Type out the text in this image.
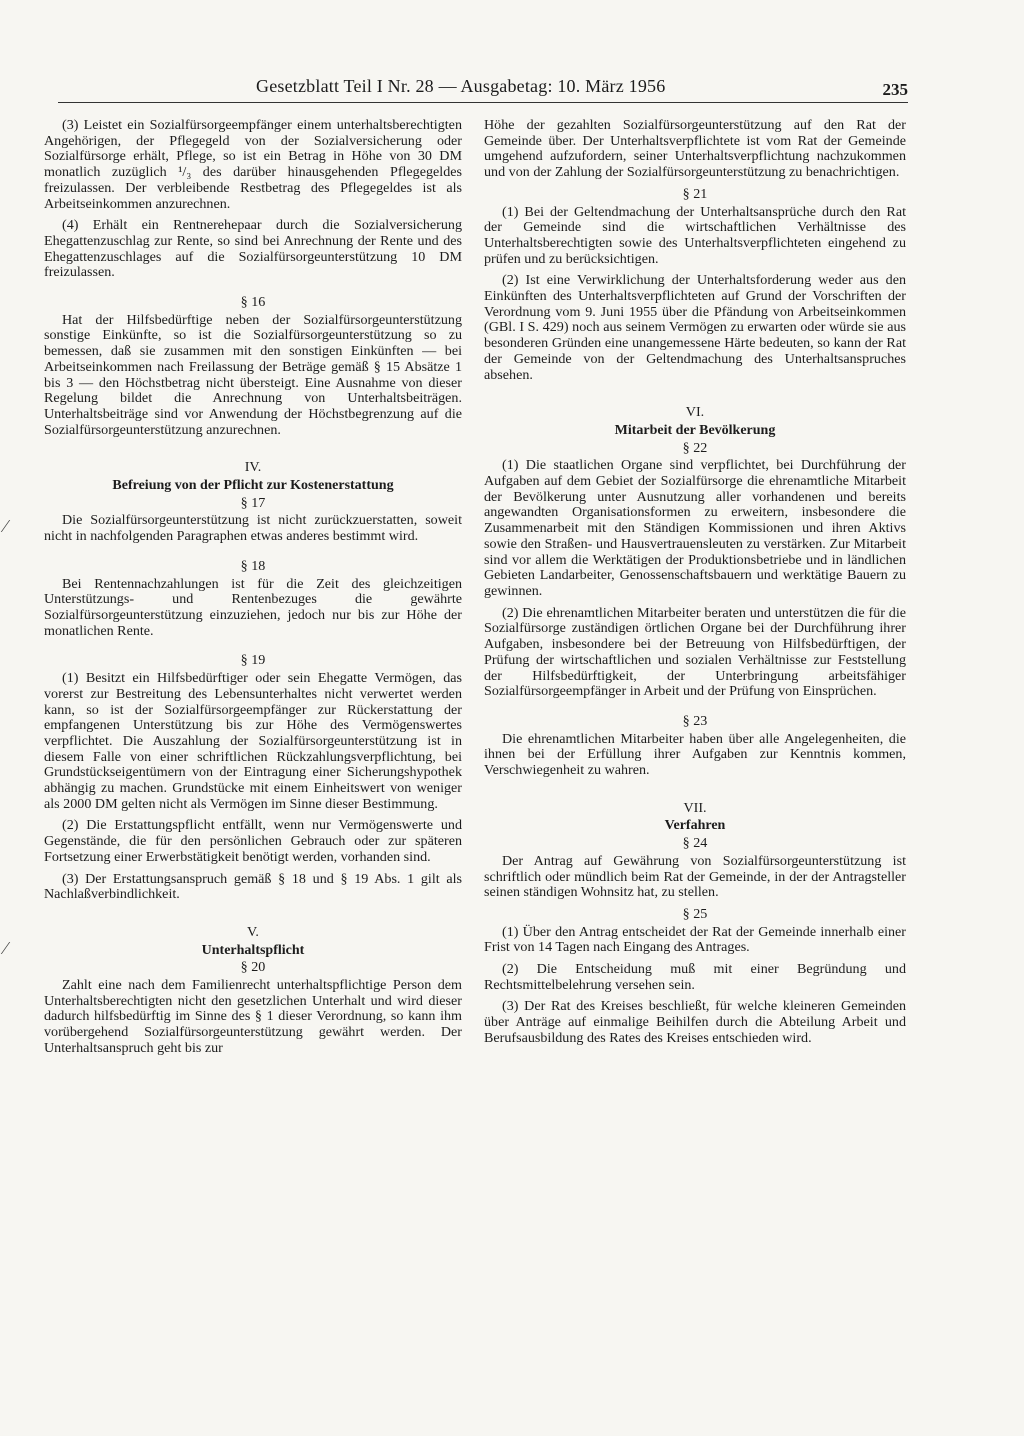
Gesetzblatt Teil I Nr. 28 — Ausgabetag: 10. März 1956	235

(3) Leistet ein Sozialfürsorgeempfänger einem unterhaltsberechtigten Angehörigen, der Pflegegeld von der Sozialversicherung oder Sozialfürsorge erhält, Pflege, so ist ein Betrag in Höhe von 30 DM monatlich zuzüglich ¹/₃ des darüber hinausgehenden Pflegegeldes freizulassen. Der verbleibende Restbetrag des Pflegegeldes ist als Arbeitseinkommen anzurechnen.

(4) Erhält ein Rentnerehepaar durch die Sozialversicherung Ehegattenzuschlag zur Rente, so sind bei Anrechnung der Rente und des Ehegattenzuschlages auf die Sozialfürsorgeunterstützung 10 DM freizulassen.

§ 16

Hat der Hilfsbedürftige neben der Sozialfürsorgeunterstützung sonstige Einkünfte, so ist die Sozialfürsorgeunterstützung so zu bemessen, daß sie zusammen mit den sonstigen Einkünften — bei Arbeitseinkommen nach Freilassung der Beträge gemäß § 15 Absätze 1 bis 3 — den Höchstbetrag nicht übersteigt. Eine Ausnahme von dieser Regelung bildet die Anrechnung von Unterhaltsbeiträgen. Unterhaltsbeiträge sind vor Anwendung der Höchstbegrenzung auf die Sozialfürsorgeunterstützung anzurechnen.

IV.
Befreiung von der Pflicht zur Kostenerstattung
§ 17

Die Sozialfürsorgeunterstützung ist nicht zurückzuerstatten, soweit nicht in nachfolgenden Paragraphen etwas anderes bestimmt wird.

§ 18

Bei Rentennachzahlungen ist für die Zeit des gleichzeitigen Unterstützungs- und Rentenbezuges die gewährte Sozialfürsorgeunterstützung einzuziehen, jedoch nur bis zur Höhe der monatlichen Rente.

§ 19

(1) Besitzt ein Hilfsbedürftiger oder sein Ehegatte Vermögen, das vorerst zur Bestreitung des Lebensunterhaltes nicht verwertet werden kann, so ist der Sozialfürsorgeempfänger zur Rückerstattung der empfangenen Unterstützung bis zur Höhe des Vermögenswertes verpflichtet. Die Auszahlung der Sozialfürsorgeunterstützung ist in diesem Falle von einer schriftlichen Rückzahlungsverpflichtung, bei Grundstückseigentümern von der Eintragung einer Sicherungshypothek abhängig zu machen. Grundstücke mit einem Einheitswert von weniger als 2000 DM gelten nicht als Vermögen im Sinne dieser Bestimmung.

(2) Die Erstattungspflicht entfällt, wenn nur Vermögenswerte und Gegenstände, die für den persönlichen Gebrauch oder zur späteren Fortsetzung einer Erwerbstätigkeit benötigt werden, vorhanden sind.

(3) Der Erstattungsanspruch gemäß § 18 und § 19 Abs. 1 gilt als Nachlaßverbindlichkeit.

V.
Unterhaltspflicht
§ 20

Zahlt eine nach dem Familienrecht unterhaltspflichtige Person dem Unterhaltsberechtigten nicht den gesetzlichen Unterhalt und wird dieser dadurch hilfsbedürftig im Sinne des § 1 dieser Verordnung, so kann ihm vorübergehend Sozialfürsorgeunterstützung gewährt werden. Der Unterhaltsanspruch geht bis zur

Höhe der gezahlten Sozialfürsorgeunterstützung auf den Rat der Gemeinde über. Der Unterhaltsverpflichtete ist vom Rat der Gemeinde umgehend aufzufordern, seiner Unterhaltsverpflichtung nachzukommen und von der Zahlung der Sozialfürsorgeunterstützung zu benachrichtigen.

§ 21

(1) Bei der Geltendmachung der Unterhaltsansprüche durch den Rat der Gemeinde sind die wirtschaftlichen Verhältnisse des Unterhaltsberechtigten sowie des Unterhaltsverpflichteten eingehend zu prüfen und zu berücksichtigen.

(2) Ist eine Verwirklichung der Unterhaltsforderung weder aus den Einkünften des Unterhaltsverpflichteten auf Grund der Vorschriften der Verordnung vom 9. Juni 1955 über die Pfändung von Arbeitseinkommen (GBl. I S. 429) noch aus seinem Vermögen zu erwarten oder würde sie aus besonderen Gründen eine unangemessene Härte bedeuten, so kann der Rat der Gemeinde von der Geltendmachung des Unterhaltsanspruches absehen.

VI.
Mitarbeit der Bevölkerung
§ 22

(1) Die staatlichen Organe sind verpflichtet, bei Durchführung der Aufgaben auf dem Gebiet der Sozialfürsorge die ehrenamtliche Mitarbeit der Bevölkerung unter Ausnutzung aller vorhandenen und bereits angewandten Organisationsformen zu erweitern, insbesondere die Zusammenarbeit mit den Ständigen Kommissionen und ihren Aktivs sowie den Straßen- und Hausvertrauensleuten zu verstärken. Zur Mitarbeit sind vor allem die Werktätigen der Produktionsbetriebe und in ländlichen Gebieten Landarbeiter, Genossenschaftsbauern und werktätige Bauern zu gewinnen.

(2) Die ehrenamtlichen Mitarbeiter beraten und unterstützen die für die Sozialfürsorge zuständigen örtlichen Organe bei der Durchführung ihrer Aufgaben, insbesondere bei der Betreuung von Hilfsbedürftigen, der Prüfung der wirtschaftlichen und sozialen Verhältnisse zur Feststellung der Hilfsbedürftigkeit, der Unterbringung arbeitsfähiger Sozialfürsorgeempfänger in Arbeit und der Prüfung von Einsprüchen.

§ 23

Die ehrenamtlichen Mitarbeiter haben über alle Angelegenheiten, die ihnen bei der Erfüllung ihrer Aufgaben zur Kenntnis kommen, Verschwiegenheit zu wahren.

VII.
Verfahren
§ 24

Der Antrag auf Gewährung von Sozialfürsorgeunterstützung ist schriftlich oder mündlich beim Rat der Gemeinde, in der der Antragsteller seinen ständigen Wohnsitz hat, zu stellen.

§ 25

(1) Über den Antrag entscheidet der Rat der Gemeinde innerhalb einer Frist von 14 Tagen nach Eingang des Antrages.

(2) Die Entscheidung muß mit einer Begründung und Rechtsmittelbelehrung versehen sein.

(3) Der Rat des Kreises beschließt, für welche kleineren Gemeinden über Anträge auf einmalige Beihilfen durch die Abteilung Arbeit und Berufsausbildung des Rates des Kreises entschieden wird.

⁄
⁄
